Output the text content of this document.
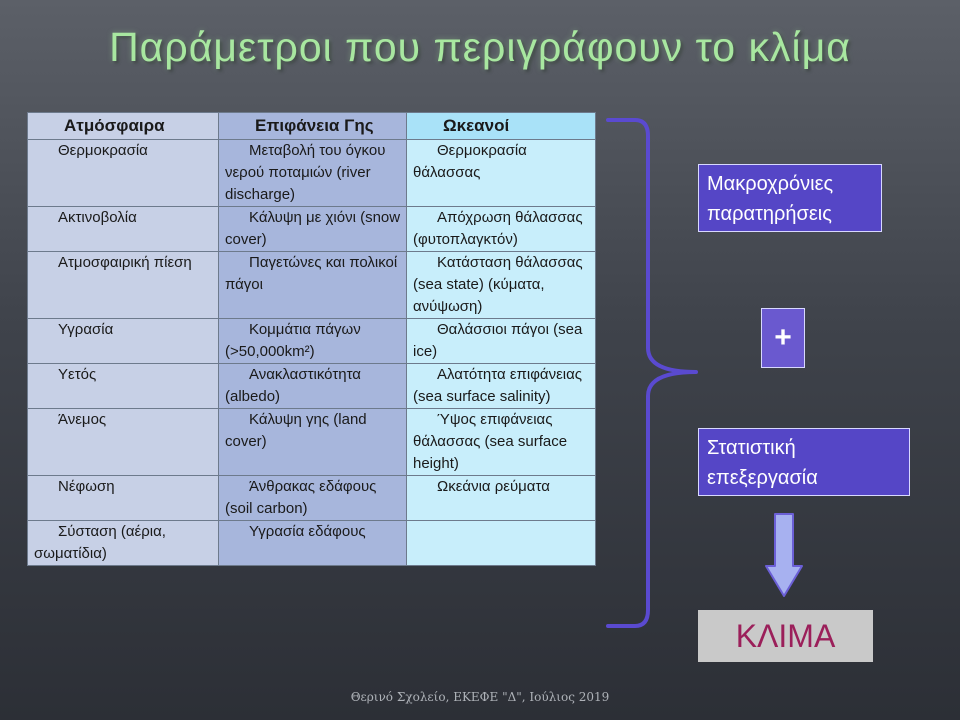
Παράμετροι που περιγράφουν το κλίμα
Ατμόσφαιρα	Επιφάνεια Γης	Ωκεανοί
Θερμοκρασία	Μεταβολή του όγκου νερού ποταμιών (river discharge)	Θερμοκρασία θάλασσας
Ακτινοβολία	Κάλυψη με χιόνι (snow cover)	Απόχρωση θάλασσας (φυτοπλαγκτόν)
Ατμοσφαιρική πίεση	Παγετώνες και πολικοί πάγοι	Κατάσταση θάλασσας (sea state) (κύματα, ανύψωση)
Υγρασία	Κομμάτια πάγων (>50,000km²)	Θαλάσσιοι πάγοι (sea ice)
Υετός	Ανακλαστικότητα (albedo)	Αλατότητα επιφάνειας (sea surface salinity)
Άνεμος	Κάλυψη γης (land cover)	Ύψος επιφάνειας θάλασσας (sea surface height)
Νέφωση	Άνθρακας εδάφους (soil carbon)	Ωκεάνια ρεύματα
Σύσταση (αέρια, σωματίδια)	Υγρασία εδάφους	
Μακροχρόνιες παρατηρήσεις
+
Στατιστική επεξεργασία
ΚΛΙΜΑ
Θερινό Σχολείο, ΕΚΕΦΕ "Δ", Ιούλιος 2019
